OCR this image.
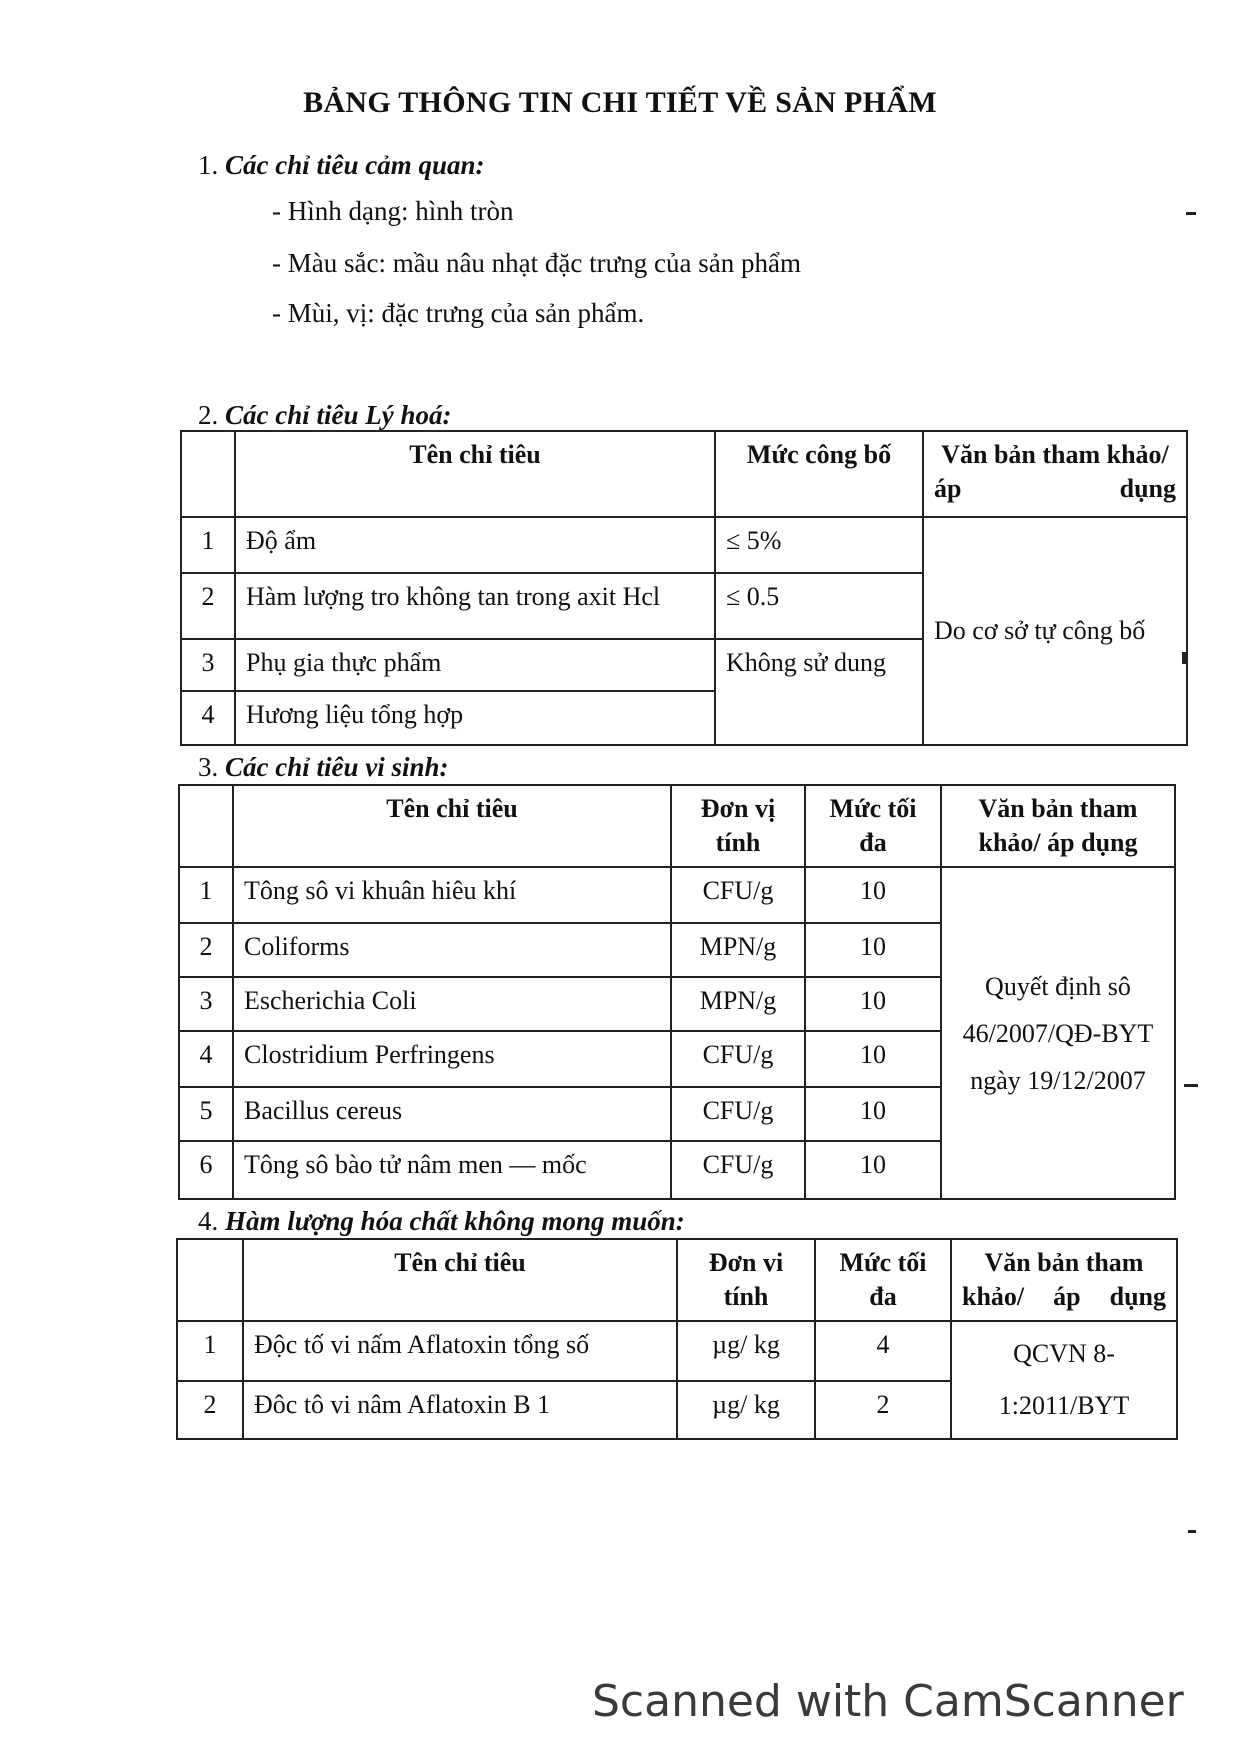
BẢNG THÔNG TIN CHI TIẾT VỀ SẢN PHẨM
1. Các chỉ tiêu cảm quan:
- Hình dạng: hình tròn
- Màu sắc: mầu nâu nhạt đặc trưng của sản phẩm
- Mùi, vị: đặc trưng của sản phẩm.
2. Các chỉ tiêu Lý hoá:
	Tên chỉ tiêu	Mức công bố	Văn bản tham khảo/ áp dụng
1	Độ ẩm	≤ 5%	Do cơ sở tự công bố
2	Hàm lượng tro không tan trong axit Hcl	≤ 0.5	
3	Phụ gia thực phẩm	Không sử dung	
4	Hương liệu tổng hợp		
3. Các chỉ tiêu vi sinh:
	Tên chỉ tiêu	Đơn vị tính	Mức tối đa	Văn bản tham khảo/ áp dụng
1	Tông sô vi khuân hiêu khí	CFU/g	10	Quyết định sô 46/2007/QĐ-BYT ngày 19/12/2007
2	Coliforms	MPN/g	10	
3	Escherichia Coli	MPN/g	10	
4	Clostridium Perfringens	CFU/g	10	
5	Bacillus cereus	CFU/g	10	
6	Tông sô bào tử nâm men — mốc	CFU/g	10	
4. Hàm lượng hóa chất không mong muốn:
	Tên chỉ tiêu	Đơn vi tính	Mức tối đa	Văn bản tham khảo/ áp dụng
1	Độc tố vi nấm Aflatoxin tổng số	µg/ kg	4	QCVN 8-1:2011/BYT
2	Đôc tô vi nâm Aflatoxin B 1	µg/ kg	2	
Scanned with CamScanner
